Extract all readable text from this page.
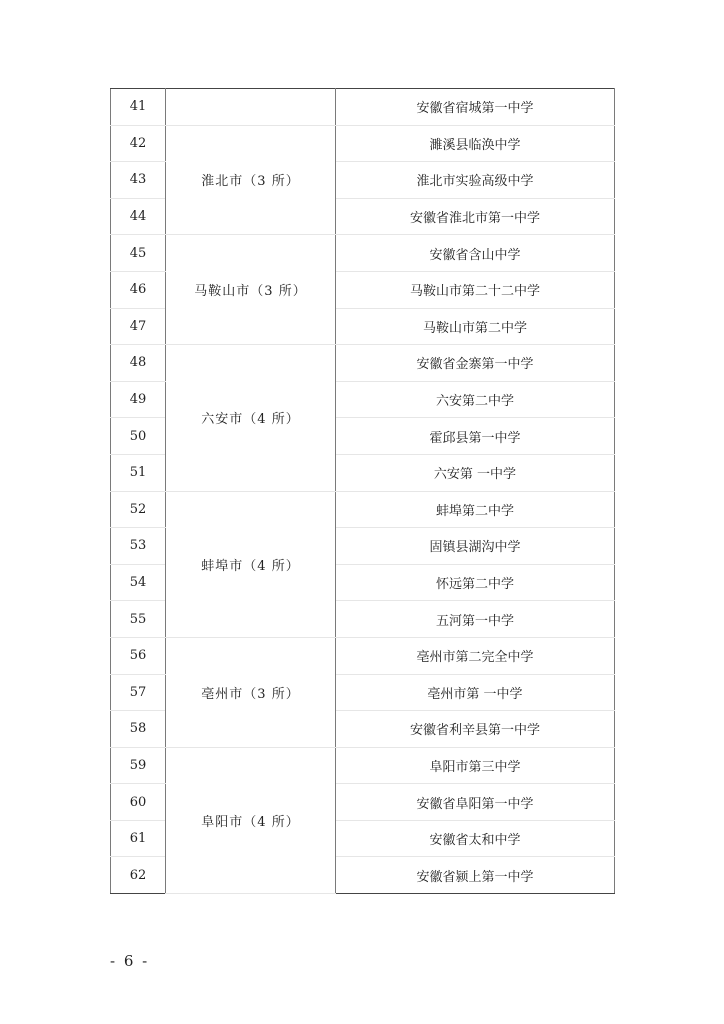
41		安徽省宿城第一中学
42	淮北市（3 所）	濉溪县临涣中学
43		淮北市实验高级中学
44		安徽省淮北市第一中学
45	马鞍山市（3 所）	安徽省含山中学
46		马鞍山市第二十二中学
47		马鞍山市第二中学
48	六安市（4 所）	安徽省金寨第一中学
49		六安第二中学
50		霍邱县第一中学
51		六安第 一中学
52	蚌埠市（4 所）	蚌埠第二中学
53		固镇县湖沟中学
54		怀远第二中学
55		五河第一中学
56	亳州市（3 所）	亳州市第二完全中学
57		亳州市第 一中学
58		安徽省利辛县第一中学
59	阜阳市（4 所）	阜阳市第三中学
60		安徽省阜阳第一中学
61		安徽省太和中学
62		安徽省颍上第一中学
- 6 -
